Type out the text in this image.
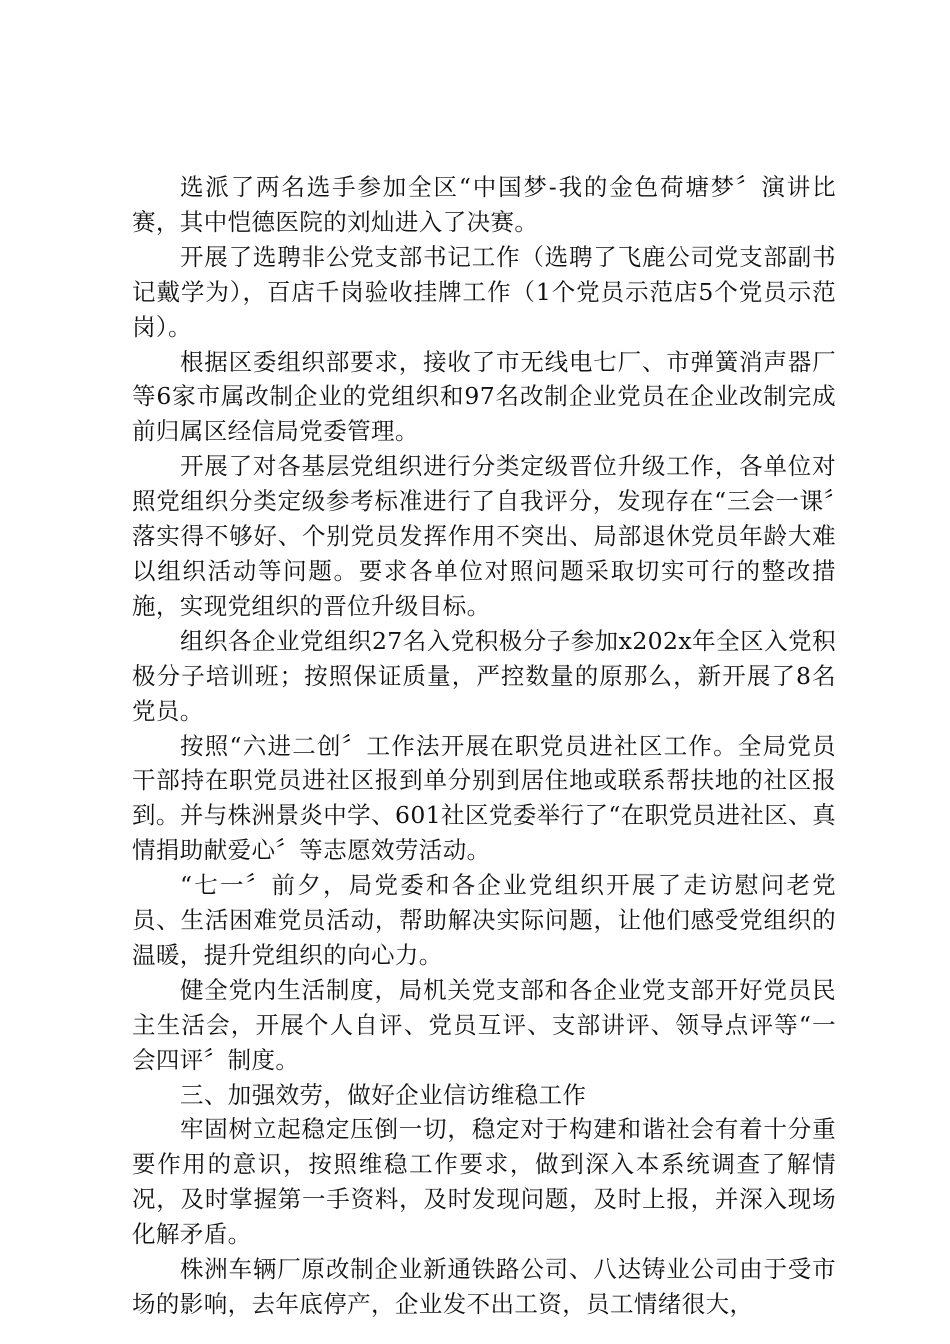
选派了两名选手参加全区“中国梦-我的金色荷塘梦〞演讲比赛，其中恺德医院的刘灿进入了决赛。

开展了选聘非公党支部书记工作（选聘了飞鹿公司党支部副书记戴学为），百店千岗验收挂牌工作（1个党员示范店5个党员示范岗）。

根据区委组织部要求，接收了市无线电七厂、市弹簧消声器厂等6家市属改制企业的党组织和97名改制企业党员在企业改制完成前归属区经信局党委管理。

开展了对各基层党组织进行分类定级晋位升级工作，各单位对照党组织分类定级参考标准进行了自我评分，发现存在“三会一课〞落实得不够好、个别党员发挥作用不突出、局部退休党员年龄大难以组织活动等问题。要求各单位对照问题采取切实可行的整改措施，实现党组织的晋位升级目标。

组织各企业党组织27名入党积极分子参加x202x年全区入党积极分子培训班；按照保证质量，严控数量的原那么，新开展了8名党员。

按照“六进二创〞工作法开展在职党员进社区工作。全局党员干部持在职党员进社区报到单分别到居住地或联系帮扶地的社区报到。并与株洲景炎中学、601社区党委举行了“在职党员进社区、真情捐助献爱心〞等志愿效劳活动。

“七一〞前夕，局党委和各企业党组织开展了走访慰问老党员、生活困难党员活动，帮助解决实际问题，让他们感受党组织的温暖，提升党组织的向心力。

健全党内生活制度，局机关党支部和各企业党支部开好党员民主生活会，开展个人自评、党员互评、支部讲评、领导点评等“一会四评〞制度。

三、加强效劳，做好企业信访维稳工作

牢固树立起稳定压倒一切，稳定对于构建和谐社会有着十分重要作用的意识，按照维稳工作要求，做到深入本系统调查了解情况，及时掌握第一手资料，及时发现问题，及时上报，并深入现场化解矛盾。

株洲车辆厂原改制企业新通铁路公司、八达铸业公司由于受市场的影响，去年底停产，企业发不出工资，员工情绪很大，
